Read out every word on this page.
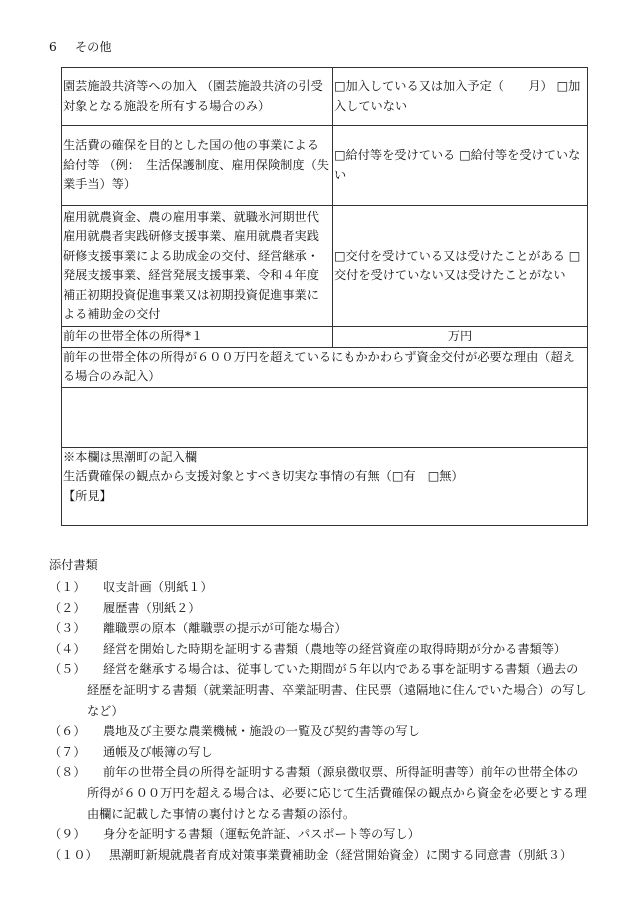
6 その他
園芸施設共済等への加入 （園芸施設共済の引受対象となる施設を所有する場合のみ）	□加入している又は加入予定（　　月） □加入していない
生活費の確保を目的とした国の他の事業による給付等 （例：　生活保護制度、雇用保険制度（失業手当）等）	□給付等を受けている □給付等を受けていない
雇用就農資金、農の雇用事業、就職氷河期世代雇用就農者実践研修支援事業、雇用就農者実践研修支援事業による助成金の交付、経営継承・発展支援事業、経営発展支援事業、令和４年度補正初期投資促進事業又は初期投資促進事業による補助金の交付	□交付を受けている又は受けたことがある □交付を受けていない又は受けたことがない
前年の世帯全体の所得*１	万円
前年の世帯全体の所得が６００万円を超えているにもかかわらず資金交付が必要な理由（超える場合のみ記入）	

※本欄は黒潮町の記入欄
生活費確保の観点から支援対象とすべき切実な事情の有無（□有　□無）
【所見】	
添付書類
（１）	収支計画（別紙１）
（２）	履歴書（別紙２）
（３）	離職票の原本（離職票の提示が可能な場合）
（４）	経営を開始した時期を証明する書類（農地等の経営資産の取得時期が分かる書類等）
（５）	経営を継承する場合は、従事していた期間が５年以内である事を証明する書類（過去の経歴を証明する書類（就業証明書、卒業証明書、住民票（遠隔地に住んでいた場合）の写しなど）
（６）	農地及び主要な農業機械・施設の一覧及び契約書等の写し
（７）	通帳及び帳簿の写し
（８）	前年の世帯全員の所得を証明する書類（源泉徴収票、所得証明書等）前年の世帯全体の所得が６００万円を超える場合は、必要に応じて生活費確保の観点から資金を必要とする理由欄に記載した事情の裏付けとなる書類の添付。
（９）	身分を証明する書類（運転免許証、パスポート等の写し）
（１０） 黒潮町新規就農者育成対策事業費補助金（経営開始資金）に関する同意書（別紙３）
